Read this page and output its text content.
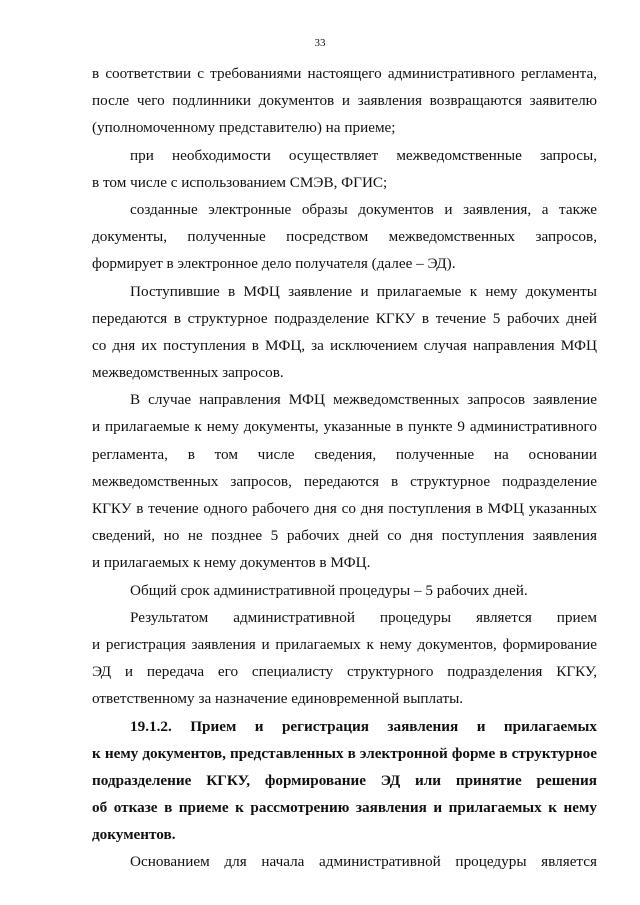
33
в соответствии с требованиями настоящего административного регламента,
после чего подлинники документов и заявления возвращаются заявителю
(уполномоченному представителю) на приеме;
при необходимости осуществляет межведомственные запросы,
в том числе с использованием СМЭВ, ФГИС;
созданные электронные образы документов и заявления, а также
документы, полученные посредством межведомственных запросов,
формирует в электронное дело получателя (далее – ЭД).
Поступившие в МФЦ заявление и прилагаемые к нему документы
передаются в структурное подразделение КГКУ в течение 5 рабочих дней
со дня их поступления в МФЦ, за исключением случая направления МФЦ
межведомственных запросов.
В случае направления МФЦ межведомственных запросов заявление
и прилагаемые к нему документы, указанные в пункте 9 административного
регламента, в том числе сведения, полученные на основании
межведомственных запросов, передаются в структурное подразделение
КГКУ в течение одного рабочего дня со дня поступления в МФЦ указанных
сведений, но не позднее 5 рабочих дней со дня поступления заявления
и прилагаемых к нему документов в МФЦ.
Общий срок административной процедуры – 5 рабочих дней.
Результатом административной процедуры является прием
и регистрация заявления и прилагаемых к нему документов, формирование
ЭД и передача его специалисту структурного подразделения КГКУ,
ответственному за назначение единовременной выплаты.
19.1.2. Прием и регистрация заявления и прилагаемых
к нему документов, представленных в электронной форме в структурное
подразделение КГКУ, формирование ЭД или принятие решения
об отказе в приеме к рассмотрению заявления и прилагаемых к нему
документов.
Основанием для начала административной процедуры является
